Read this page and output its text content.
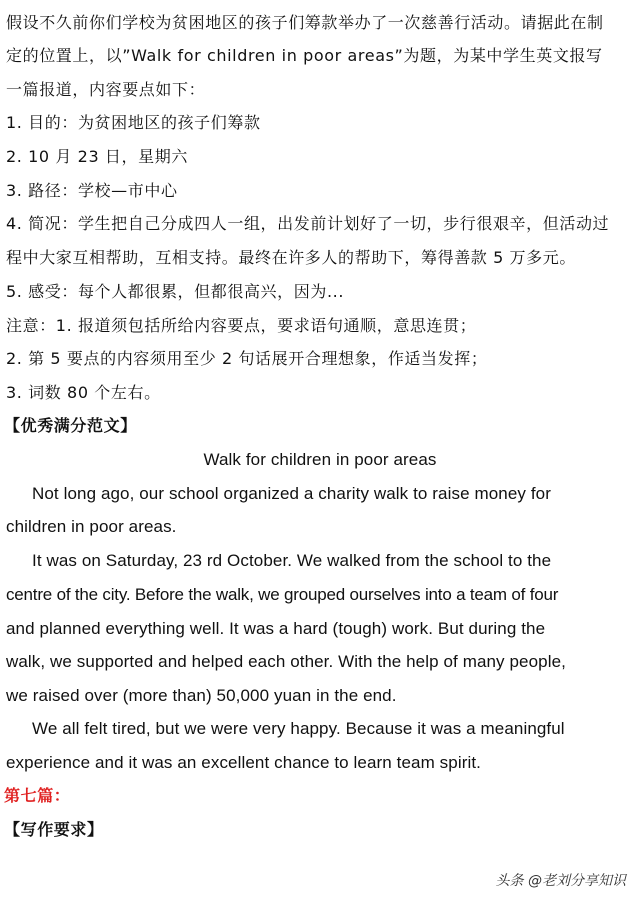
假设不久前你们学校为贫困地区的孩子们筹款举办了一次慈善行活动。请据此在制
定的位置上，以”Walk for children in poor areas”为题，为某中学生英文报写
一篇报道，内容要点如下：
1. 目的：为贫困地区的孩子们筹款
2. 10 月 23 日，星期六
3. 路径：学校—市中心
4. 简况：学生把自己分成四人一组，出发前计划好了一切，步行很艰辛，但活动过
程中大家互相帮助，互相支持。最终在许多人的帮助下，筹得善款 5 万多元。
5. 感受：每个人都很累，但都很高兴，因为...
注意：1. 报道须包括所给内容要点，要求语句通顺，意思连贯；
2. 第 5 要点的内容须用至少 2 句话展开合理想象，作适当发挥；
3. 词数 80 个左右。
【优秀满分范文】
Walk for children in poor areas
Not long ago, our school organized a charity walk to raise money for
children in poor areas.
It was on Saturday, 23 rd October. We walked from the school to the
centre of the city. Before the walk, we grouped ourselves into a team of four
and planned everything well. It was a hard (tough) work. But during the
walk, we supported and helped each other. With the help of many people,
we raised over (more than) 50,000 yuan in the end.
We all felt tired, but we were very happy. Because it was a meaningful
experience and it was an excellent chance to learn team spirit.
第七篇：
【写作要求】
头条 @老刘分享知识
